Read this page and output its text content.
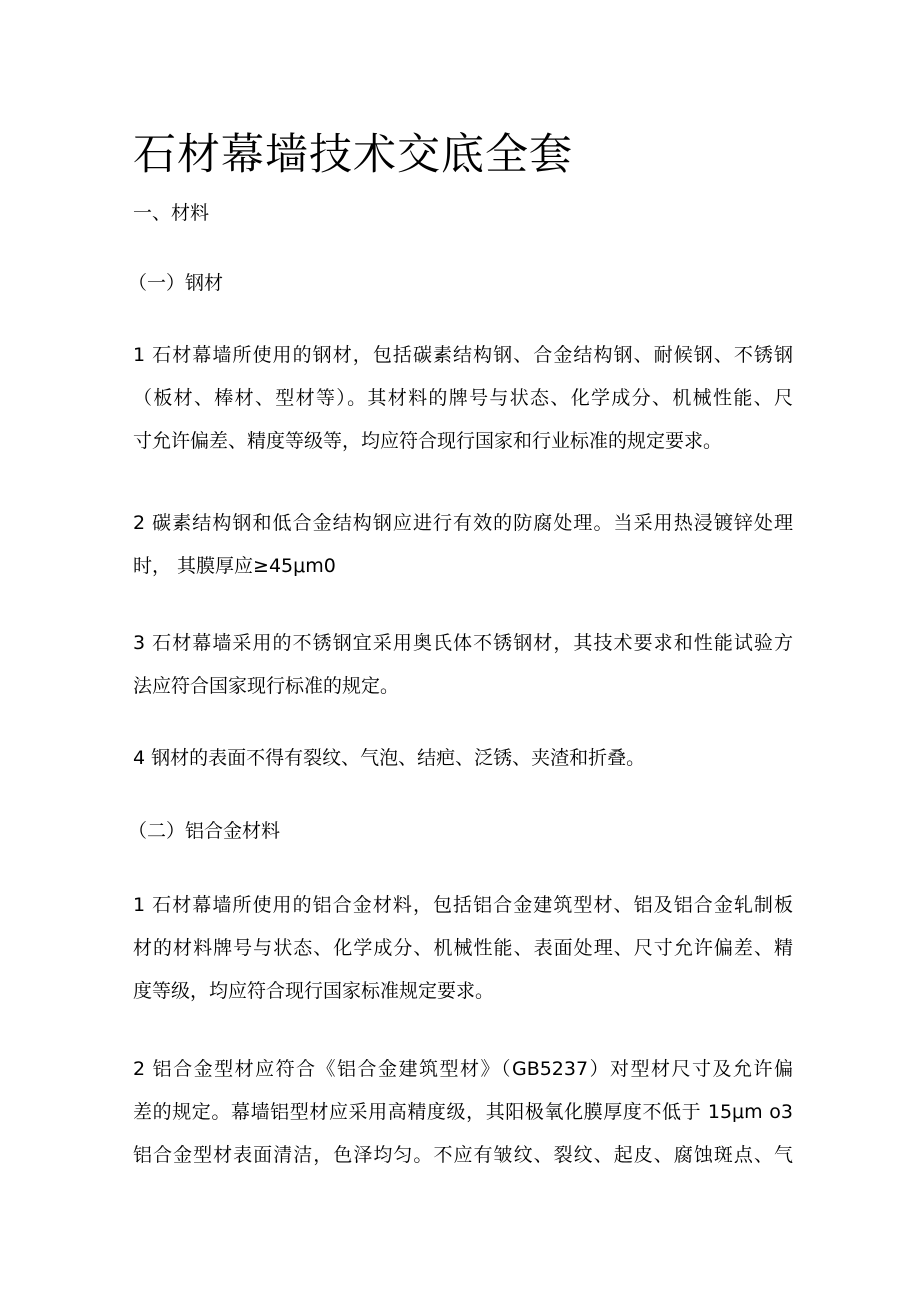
石材幕墙技术交底全套
一、材料
（一）钢材
1 石材幕墙所使用的钢材，包括碳素结构钢、合金结构钢、耐候钢、不锈钢
（板材、棒材、型材等）。其材料的牌号与状态、化学成分、机械性能、尺
寸允许偏差、精度等级等，均应符合现行国家和行业标准的规定要求。
2 碳素结构钢和低合金结构钢应进行有效的防腐处理。当采用热浸镀锌处理
时， 其膜厚应≥45μm0
3 石材幕墙采用的不锈钢宜采用奥氏体不锈钢材，其技术要求和性能试验方
法应符合国家现行标准的规定。
4 钢材的表面不得有裂纹、气泡、结疤、泛锈、夹渣和折叠。
（二）铝合金材料
1 石材幕墙所使用的铝合金材料，包括铝合金建筑型材、铝及铝合金轧制板
材的材料牌号与状态、化学成分、机械性能、表面处理、尺寸允许偏差、精
度等级，均应符合现行国家标准规定要求。
2 铝合金型材应符合《铝合金建筑型材》（GB5237）对型材尺寸及允许偏
差的规定。幕墙铝型材应采用高精度级，其阳极氧化膜厚度不低于 15μm o3
铝合金型材表面清洁，色泽均匀。不应有皱纹、裂纹、起皮、腐蚀斑点、气
